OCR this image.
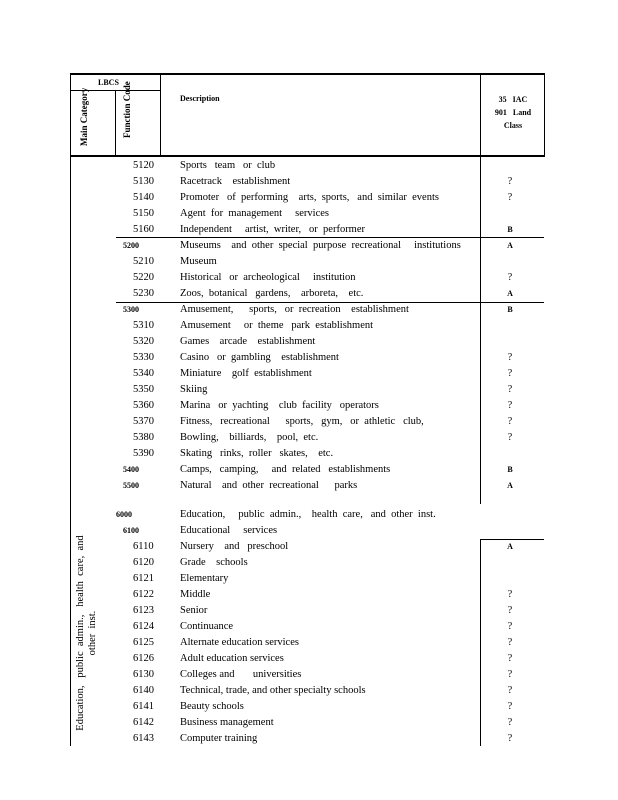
LBCS
Main Category	Function Code	Description	35   IAC
901   Land
Class
Education,   public  admin.,   health  care,  and other  inst.
5120	Sports   team   or  club
5130	Racetrack    establishment	?
5140	Promoter   of  performing    arts,  sports,   and  similar  events	?
5150	Agent  for  management     services
5160	Independent     artist,  writer,   or  performer	B
5200	Museums    and  other  special  purpose  recreational     institutions	A
5210	Museum
5220	Historical   or  archeological     institution	?
5230	Zoos,  botanical   gardens,    arboreta,    etc.	A
5300	Amusement,      sports,   or  recreation    establishment	B
5310	Amusement     or  theme   park  establishment
5320	Games    arcade    establishment
5330	Casino   or  gambling    establishment	?
5340	Miniature    golf  establishment	?
5350	Skiing	?
5360	Marina   or  yachting    club  facility   operators	?
5370	Fitness,   recreational      sports,   gym,   or  athletic   club,	?
5380	Bowling,    billiards,    pool,  etc.	?
5390	Skating   rinks,  roller   skates,    etc.
5400	Camps,   camping,     and  related   establishments	B
5500	Natural    and  other  recreational      parks	A
6000	Education,     public  admin.,    health  care,   and  other  inst.
6100	Educational     services
6110	Nursery    and   preschool	A
6120	Grade    schools
6121	Elementary
6122	Middle	?
6123	Senior	?
6124	Continuance	?
6125	Alternate education services	?
6126	Adult education services	?
6130	Colleges and       universities	?
6140	Technical, trade, and other specialty schools	?
6141	Beauty schools	?
6142	Business management	?
6143	Computer training	?
